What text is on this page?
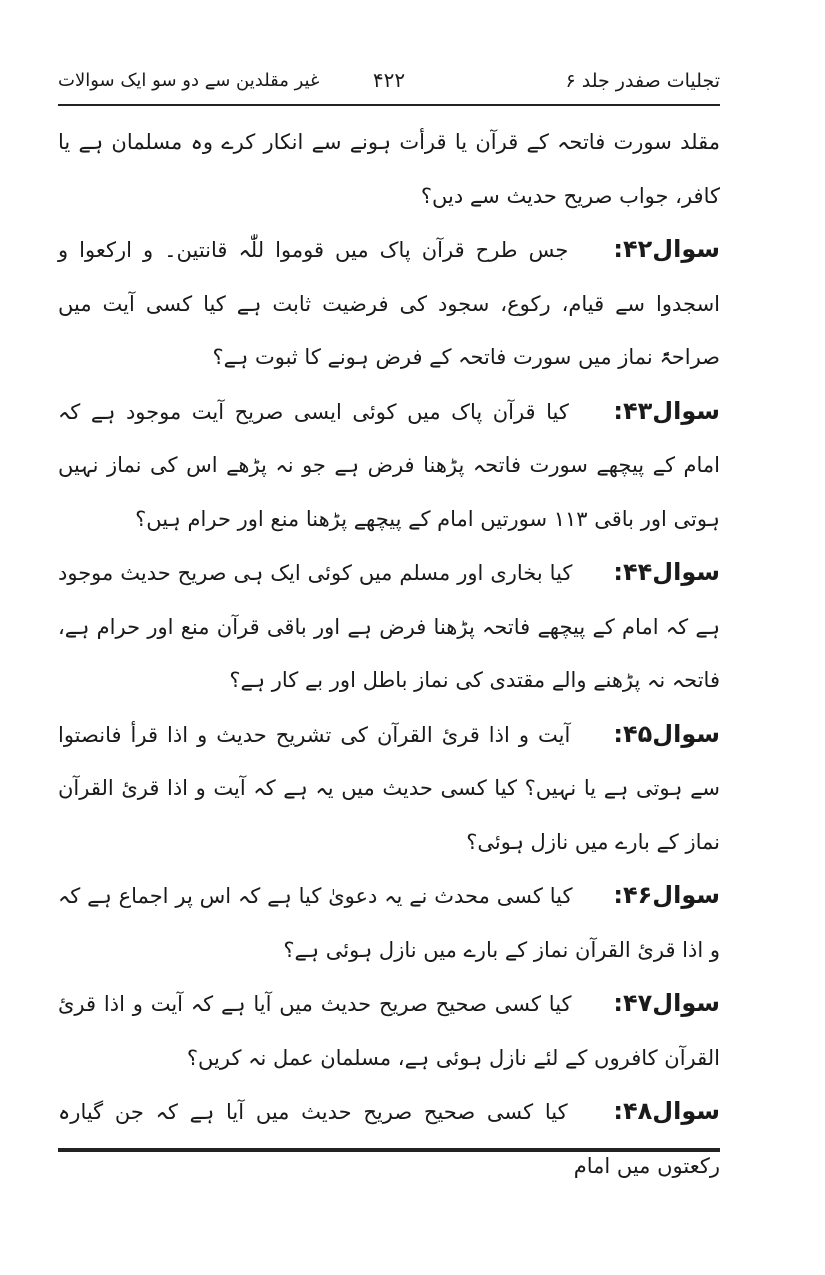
تجلیات صفدر جلد ۶
۴۲۲
غیر مقلدین سے دو سو ایک سوالات

مقلد سورت فاتحہ کے قرآن یا قرأت ہونے سے انکار کرے وہ مسلمان ہے یا کافر، جواب صریح حدیث سے دیں؟

سوال۴۲: جس طرح قرآن پاک میں قوموا للّٰہ قانتین۔ و ارکعوا و اسجدوا سے قیام، رکوع، سجود کی فرضیت ثابت ہے کیا کسی آیت میں صراحۃً نماز میں سورت فاتحہ کے فرض ہونے کا ثبوت ہے؟

سوال۴۳: کیا قرآن پاک میں کوئی ایسی صریح آیت موجود ہے کہ امام کے پیچھے سورت فاتحہ پڑھنا فرض ہے جو نہ پڑھے اس کی نماز نہیں ہوتی اور باقی ۱۱۳ سورتیں امام کے پیچھے پڑھنا منع اور حرام ہیں؟

سوال۴۴: کیا بخاری اور مسلم میں کوئی ایک ہی صریح حدیث موجود ہے کہ امام کے پیچھے فاتحہ پڑھنا فرض ہے اور باقی قرآن منع اور حرام ہے، فاتحہ نہ پڑھنے والے مقتدی کی نماز باطل اور بے کار ہے؟

سوال۴۵: آیت و اذا قرئ القرآن کی تشریح حدیث و اذا قرأ فانصتوا سے ہوتی ہے یا نہیں؟ کیا کسی حدیث میں یہ ہے کہ آیت و اذا قرئ القرآن نماز کے بارے میں نازل ہوئی؟

سوال۴۶: کیا کسی محدث نے یہ دعویٰ کیا ہے کہ اس پر اجماع ہے کہ و اذا قرئ القرآن نماز کے بارے میں نازل ہوئی ہے؟

سوال۴۷: کیا کسی صحیح صریح حدیث میں آیا ہے کہ آیت و اذا قرئ القرآن کافروں کے لئے نازل ہوئی ہے، مسلمان عمل نہ کریں؟

سوال۴۸: کیا کسی صحیح صریح حدیث میں آیا ہے کہ جن گیارہ رکعتوں میں امام
